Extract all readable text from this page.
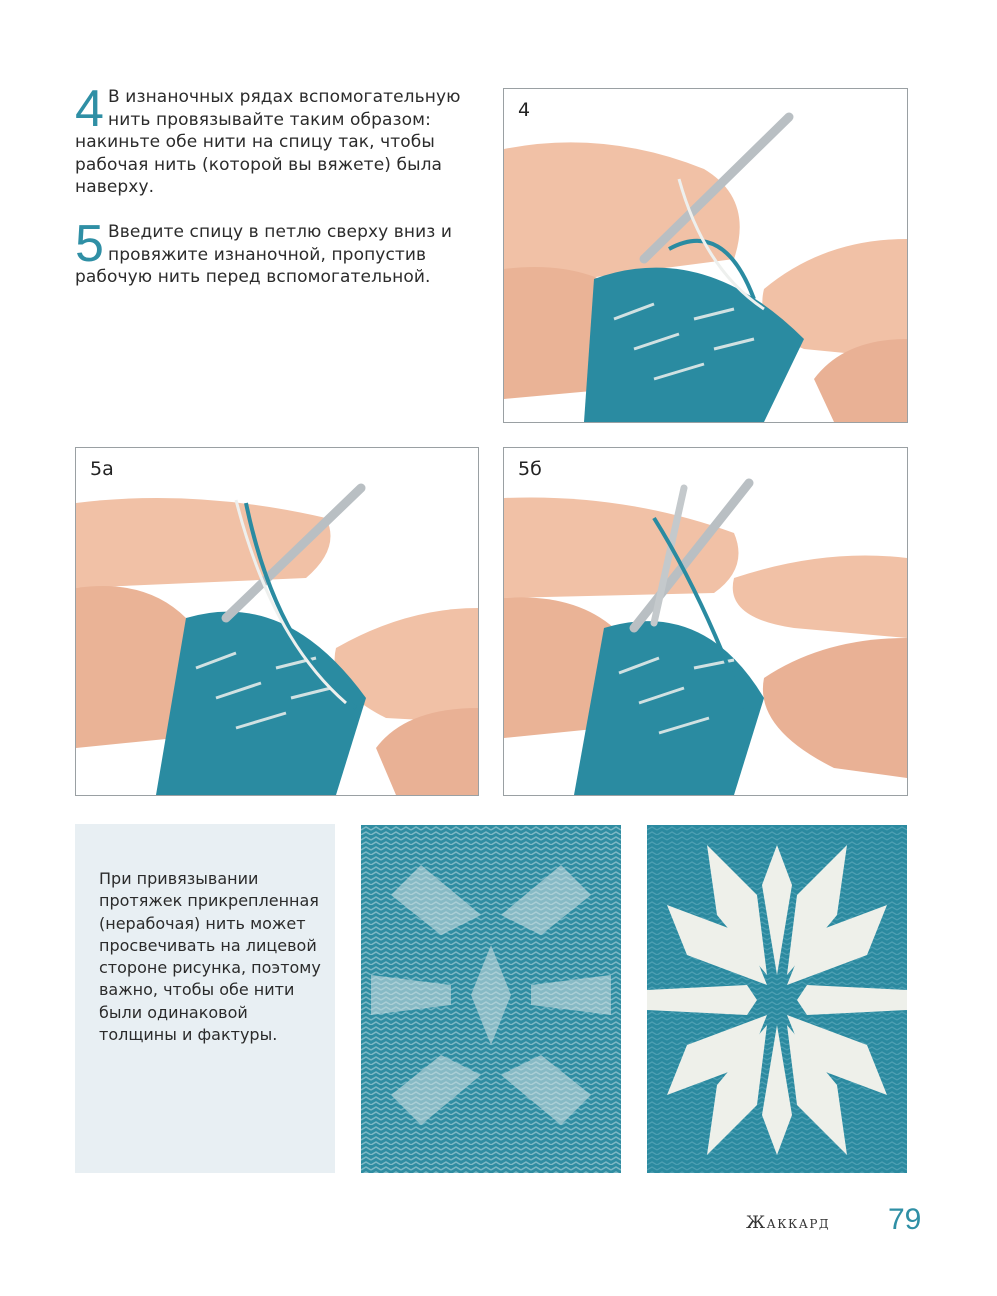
4 В изнаночных рядах вспомогательную нить провязывайте таким образом: накиньте обе нити на спицу так, чтобы рабочая нить (которой вы вяжете) была наверху.
5 Введите спицу в петлю сверху вниз и провяжите изнаночной, пропустив рабочую нить перед вспомогательной.
4
5а	5б

При привязывании протяжек прикрепленная (нерабочая) нить может просвечивать на лицевой стороне рисунка, поэтому важно, чтобы обе нити были одинаковой толщины и фактуры.

Жаккард 79
